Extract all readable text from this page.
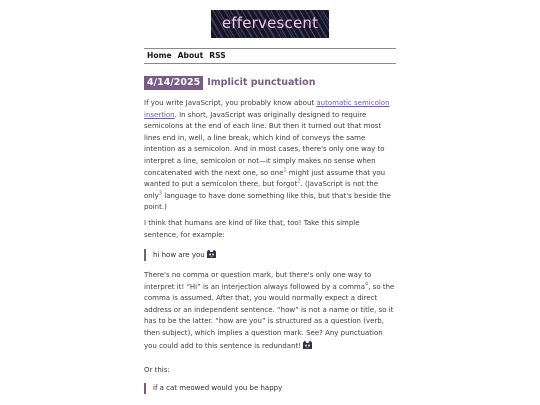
effervescent
Home About RSS
4/14/2025 Implicit punctuation

If you write JavaScript, you probably know about automatic semicolon insertion. In short, JavaScript was originally designed to require semicolons at the end of each line. But then it turned out that most lines end in, well, a line break, which kind of conveys the same intention as a semicolon. And in most cases, there's only one way to interpret a line, semicolon or not—it simply makes no sense when concatenated with the next one, so one$^1$ might just assume that you wanted to put a semicolon there, but forgot$^2$. (JavaScript is not the only$^3$ language to have done something like this, but that's beside the point.)

I think that humans are kind of like that, too! Take this simple sentence, for example:

hi how are you

There's no comma or question mark, but there's only one way to interpret it! “Hi” is an interjection always followed by a comma$^4$, so the comma is assumed. After that, you would normally expect a direct address or an independent sentence. “how” is not a name or title, so it has to be the latter. “how are you” is structured as a question (verb, then subject), which implies a question mark. See? Any punctuation you could add to this sentence is redundant!

Or this:

if a cat meowed would you be happy
